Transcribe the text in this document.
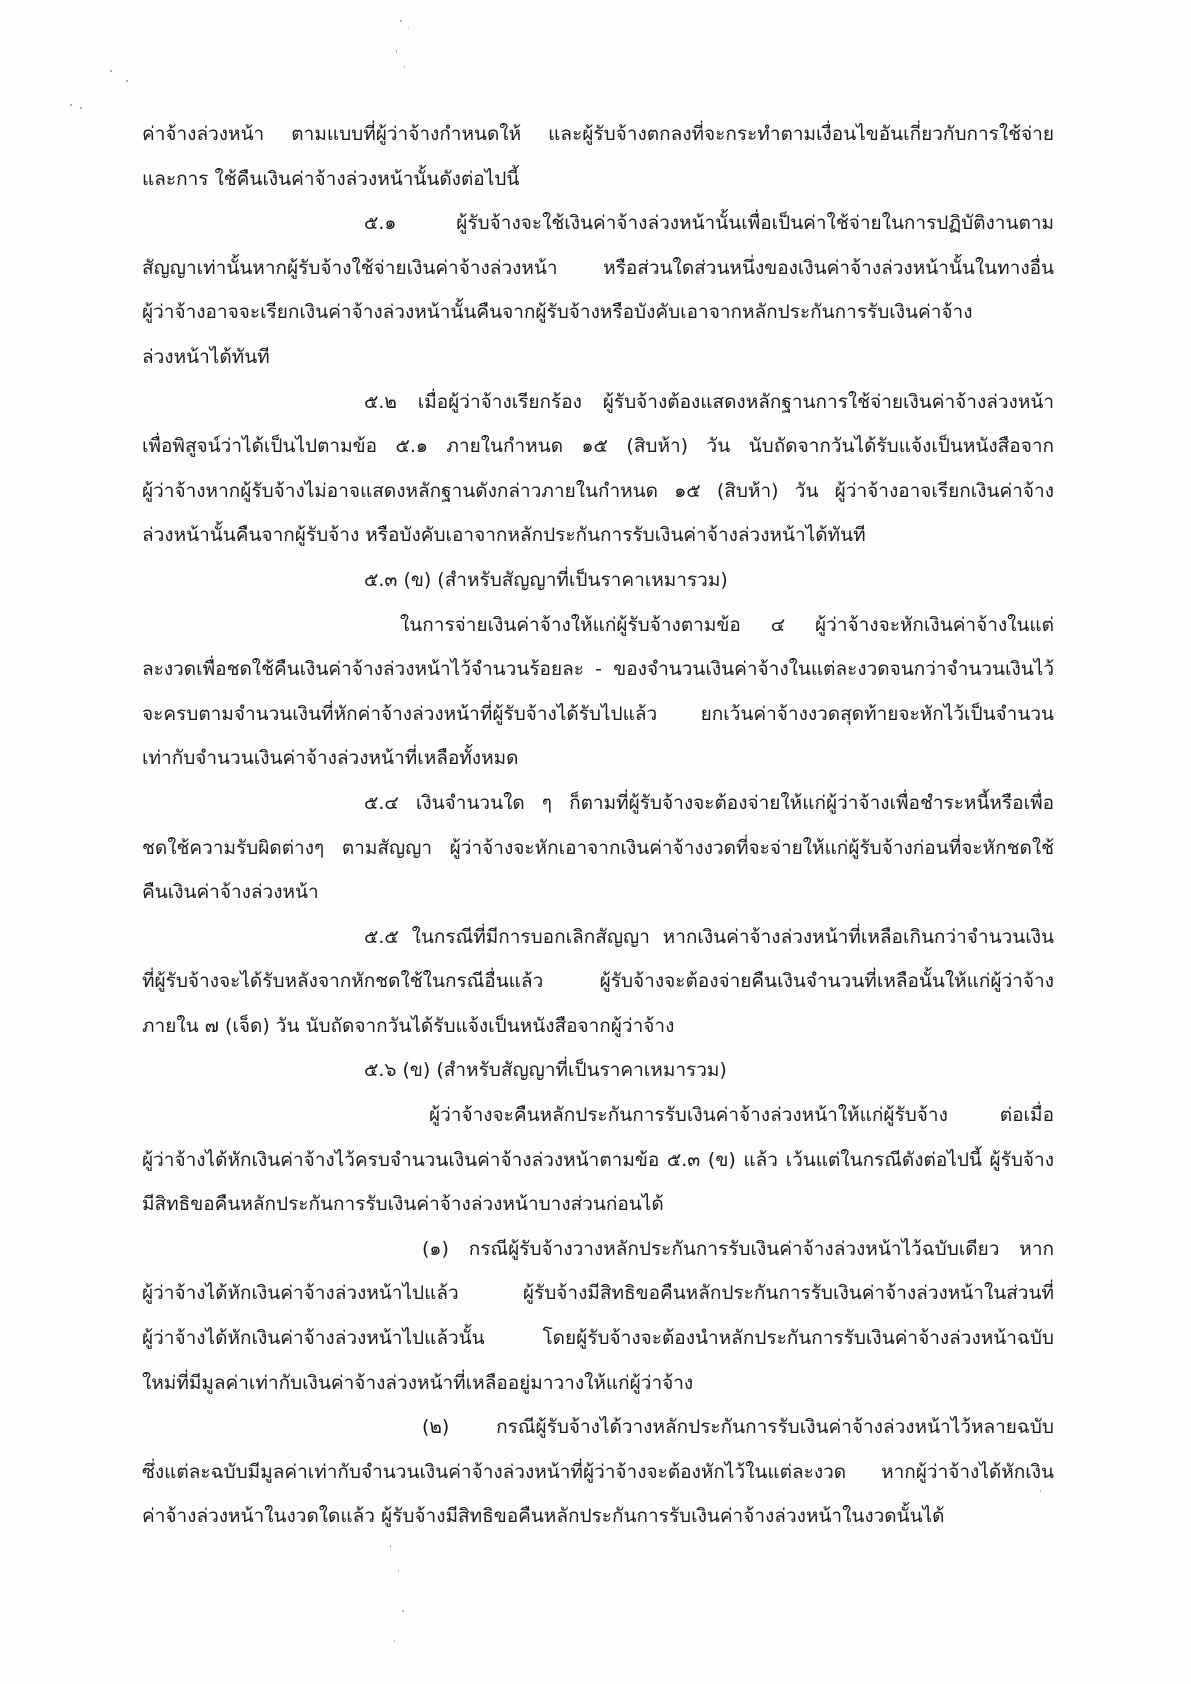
ค่าจ้างล่วงหน้า ตามแบบที่ผู้ว่าจ้างกำหนดให้ และผู้รับจ้างตกลงที่จะกระทำตามเงื่อนไขอันเกี่ยวกับการใช้จ่าย
และการ ใช้คืนเงินค่าจ้างล่วงหน้านั้นดังต่อไปนี้
๕.๑ ผู้รับจ้างจะใช้เงินค่าจ้างล่วงหน้านั้นเพื่อเป็นค่าใช้จ่ายในการปฏิบัติงานตาม
สัญญาเท่านั้นหากผู้รับจ้างใช้จ่ายเงินค่าจ้างล่วงหน้า หรือส่วนใดส่วนหนึ่งของเงินค่าจ้างล่วงหน้านั้นในทางอื่น
ผู้ว่าจ้างอาจจะเรียกเงินค่าจ้างล่วงหน้านั้นคืนจากผู้รับจ้างหรือบังคับเอาจากหลักประกันการรับเงินค่าจ้าง
ล่วงหน้าได้ทันที
๕.๒ เมื่อผู้ว่าจ้างเรียกร้อง ผู้รับจ้างต้องแสดงหลักฐานการใช้จ่ายเงินค่าจ้างล่วงหน้า
เพื่อพิสูจน์ว่าได้เป็นไปตามข้อ ๕.๑ ภายในกำหนด ๑๕ (สิบห้า) วัน นับถัดจากวันได้รับแจ้งเป็นหนังสือจาก
ผู้ว่าจ้างหากผู้รับจ้างไม่อาจแสดงหลักฐานดังกล่าวภายในกำหนด ๑๕ (สิบห้า) วัน ผู้ว่าจ้างอาจเรียกเงินค่าจ้าง
ล่วงหน้านั้นคืนจากผู้รับจ้าง หรือบังคับเอาจากหลักประกันการรับเงินค่าจ้างล่วงหน้าได้ทันที
๕.๓ (ข) (สำหรับสัญญาที่เป็นราคาเหมารวม)
ในการจ่ายเงินค่าจ้างให้แก่ผู้รับจ้างตามข้อ ๔ ผู้ว่าจ้างจะหักเงินค่าจ้างในแต่
ละงวดเพื่อชดใช้คืนเงินค่าจ้างล่วงหน้าไว้จำนวนร้อยละ - ของจำนวนเงินค่าจ้างในแต่ละงวดจนกว่าจำนวนเงินไว้
จะครบตามจำนวนเงินที่หักค่าจ้างล่วงหน้าที่ผู้รับจ้างได้รับไปแล้ว ยกเว้นค่าจ้างงวดสุดท้ายจะหักไว้เป็นจำนวน
เท่ากับจำนวนเงินค่าจ้างล่วงหน้าที่เหลือทั้งหมด
๕.๔ เงินจำนวนใด ๆ ก็ตามที่ผู้รับจ้างจะต้องจ่ายให้แก่ผู้ว่าจ้างเพื่อชำระหนี้หรือเพื่อ
ชดใช้ความรับผิดต่างๆ ตามสัญญา ผู้ว่าจ้างจะหักเอาจากเงินค่าจ้างงวดที่จะจ่ายให้แก่ผู้รับจ้างก่อนที่จะหักชดใช้
คืนเงินค่าจ้างล่วงหน้า
๕.๕ ในกรณีที่มีการบอกเลิกสัญญา หากเงินค่าจ้างล่วงหน้าที่เหลือเกินกว่าจำนวนเงิน
ที่ผู้รับจ้างจะได้รับหลังจากหักชดใช้ในกรณีอื่นแล้ว ผู้รับจ้างจะต้องจ่ายคืนเงินจำนวนที่เหลือนั้นให้แก่ผู้ว่าจ้าง
ภายใน ๗ (เจ็ด) วัน นับถัดจากวันได้รับแจ้งเป็นหนังสือจากผู้ว่าจ้าง
๕.๖ (ข) (สำหรับสัญญาที่เป็นราคาเหมารวม)
ผู้ว่าจ้างจะคืนหลักประกันการรับเงินค่าจ้างล่วงหน้าให้แก่ผู้รับจ้าง ต่อเมื่อ
ผู้ว่าจ้างได้หักเงินค่าจ้างไว้ครบจำนวนเงินค่าจ้างล่วงหน้าตามข้อ ๕.๓ (ข) แล้ว เว้นแต่ในกรณีดังต่อไปนี้ ผู้รับจ้าง
มีสิทธิขอคืนหลักประกันการรับเงินค่าจ้างล่วงหน้าบางส่วนก่อนได้
(๑) กรณีผู้รับจ้างวางหลักประกันการรับเงินค่าจ้างล่วงหน้าไว้ฉบับเดียว หาก
ผู้ว่าจ้างได้หักเงินค่าจ้างล่วงหน้าไปแล้ว ผู้รับจ้างมีสิทธิขอคืนหลักประกันการรับเงินค่าจ้างล่วงหน้าในส่วนที่
ผู้ว่าจ้างได้หักเงินค่าจ้างล่วงหน้าไปแล้วนั้น โดยผู้รับจ้างจะต้องนำหลักประกันการรับเงินค่าจ้างล่วงหน้าฉบับ
ใหม่ที่มีมูลค่าเท่ากับเงินค่าจ้างล่วงหน้าที่เหลืออยู่มาวางให้แก่ผู้ว่าจ้าง
(๒) กรณีผู้รับจ้างได้วางหลักประกันการรับเงินค่าจ้างล่วงหน้าไว้หลายฉบับ
ซึ่งแต่ละฉบับมีมูลค่าเท่ากับจำนวนเงินค่าจ้างล่วงหน้าที่ผู้ว่าจ้างจะต้องหักไว้ในแต่ละงวด หากผู้ว่าจ้างได้หักเงิน
ค่าจ้างล่วงหน้าในงวดใดแล้ว ผู้รับจ้างมีสิทธิขอคืนหลักประกันการรับเงินค่าจ้างล่วงหน้าในงวดนั้นได้
